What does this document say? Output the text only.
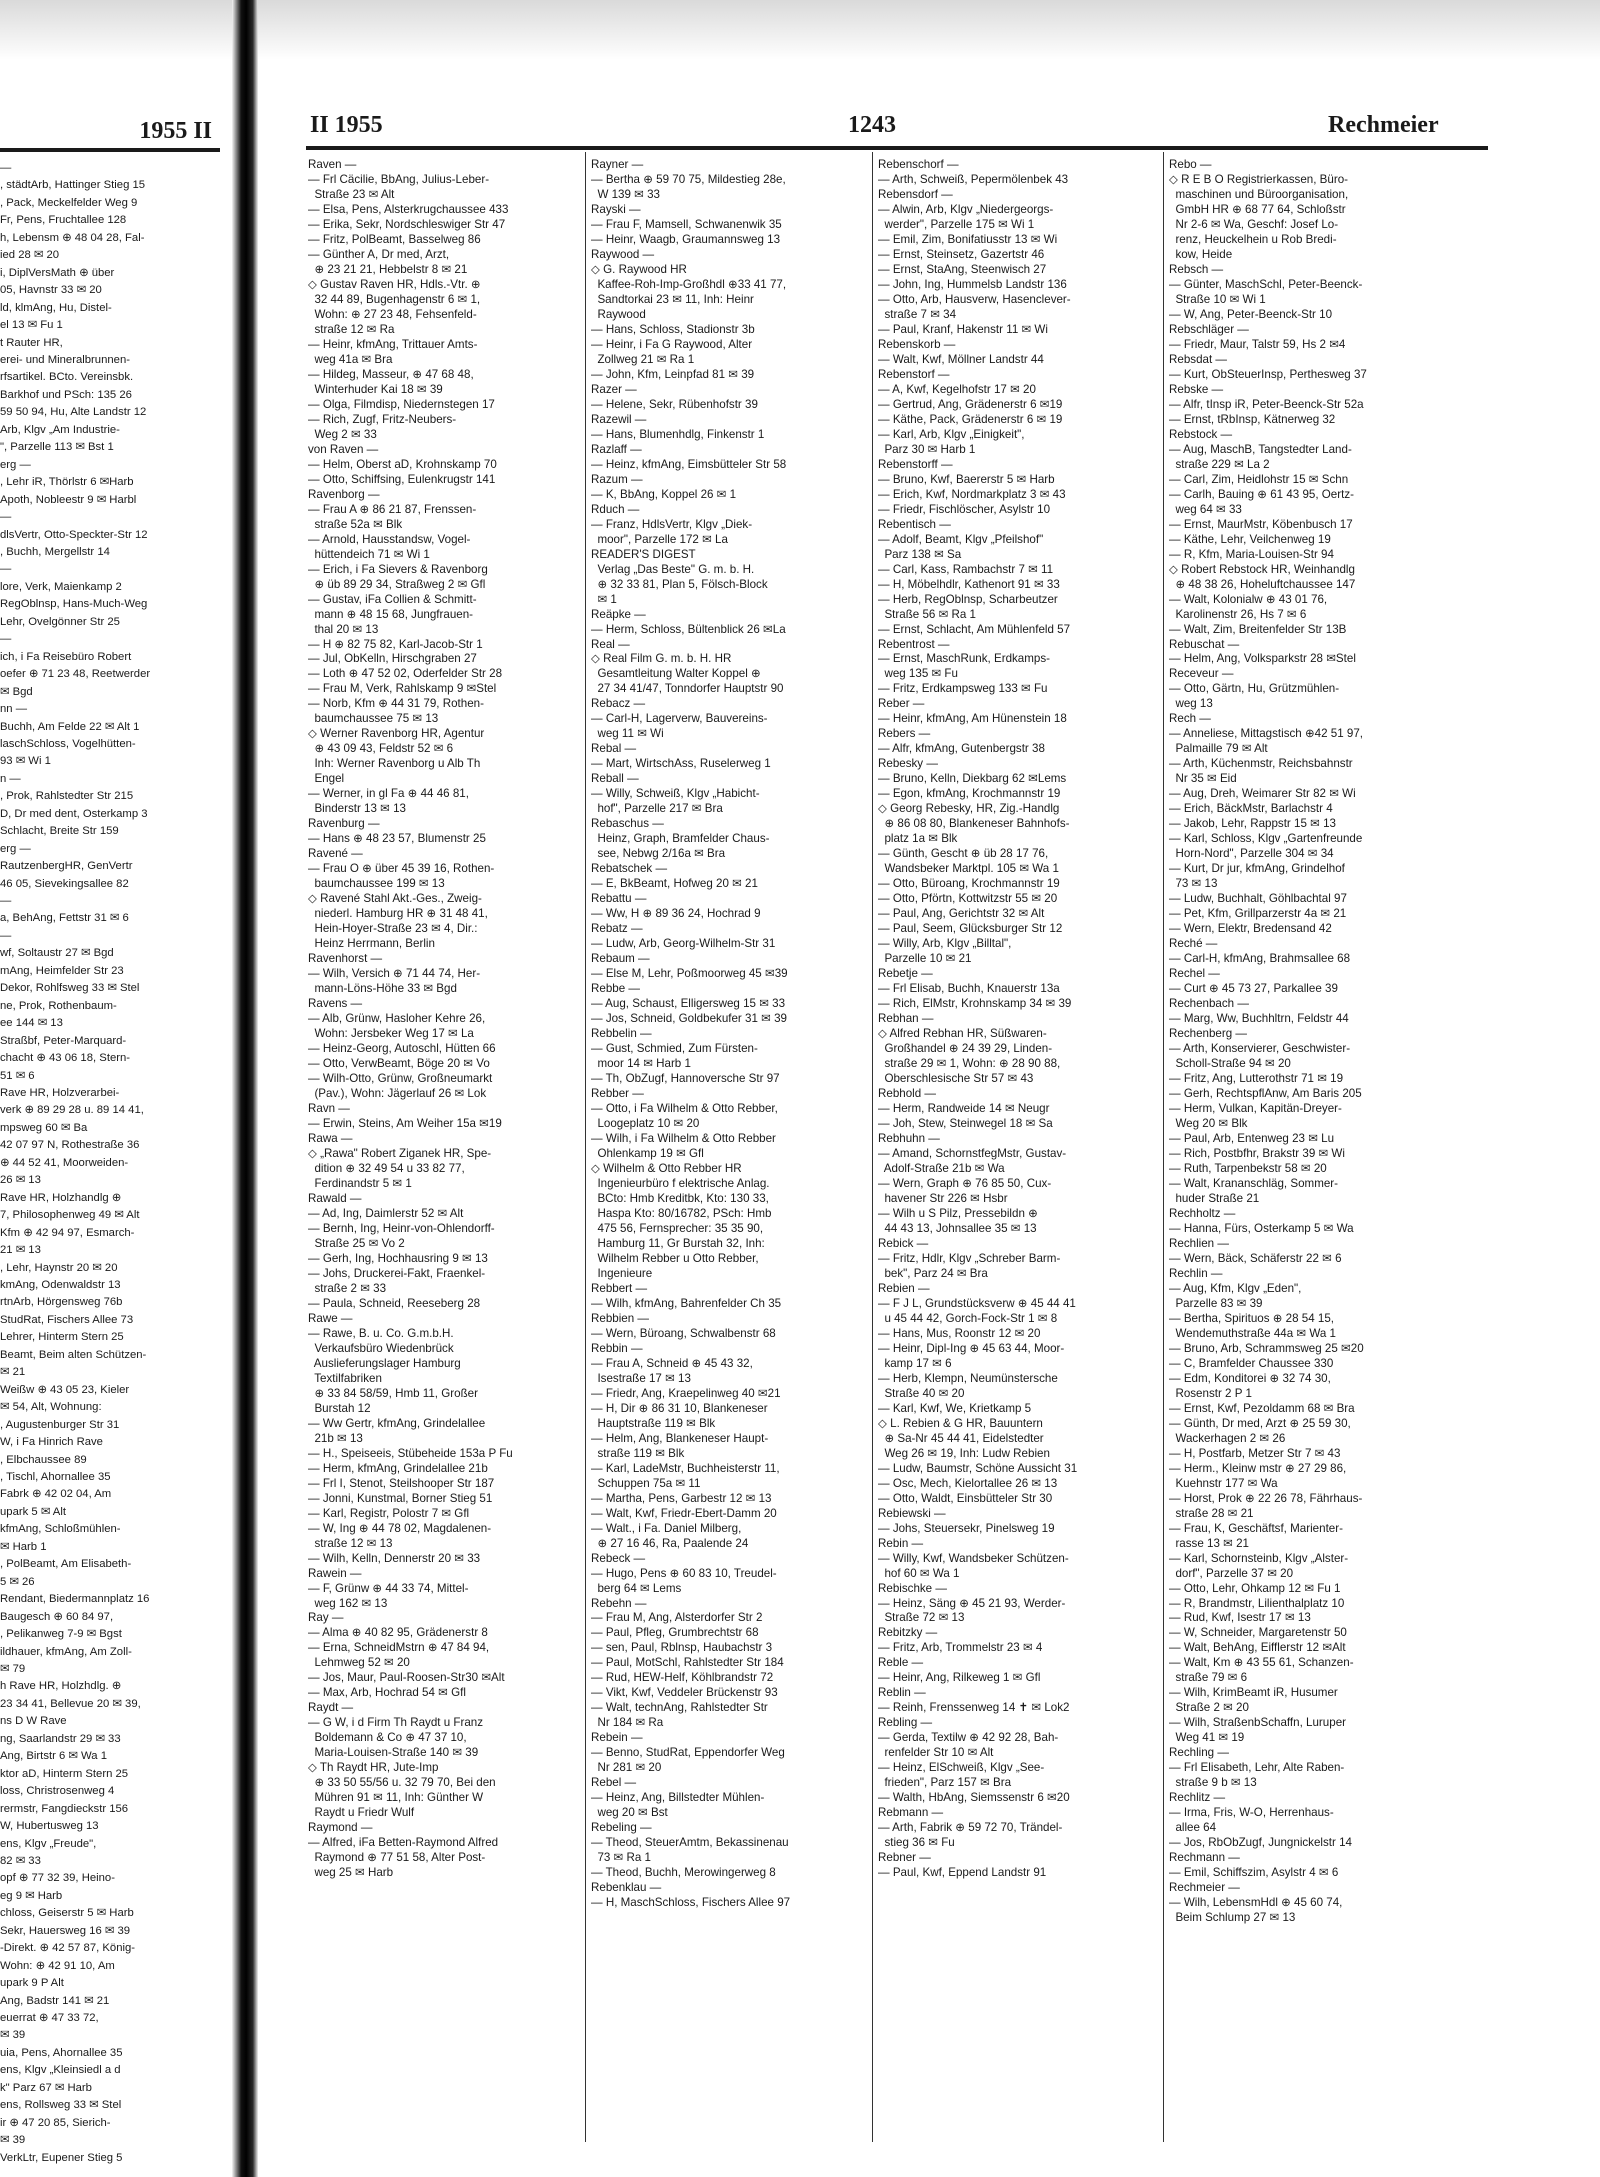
1955 II
—
, städtArb, Hattinger Stieg 15
, Pack, Meckelfelder Weg 9
Fr, Pens, Fruchtallee 128
h, Lebensm ⊕ 48 04 28, Fal-
ied 28 ✉ 20
i, DiplVersMath ⊕ über
05, Havnstr 33 ✉ 20
ld, klmAng, Hu, Distel-
el 13 ✉ Fu 1
t Rauter HR,
erei- und Mineralbrunnen-
rfsartikel. BCto. Vereinsbk.
Barkhof und PSch: 135 26
59 50 94, Hu, Alte Landstr 12
Arb, Klgv „Am Industrie-
", Parzelle 113 ✉ Bst 1
erg —
, Lehr iR, Thörlstr 6 ✉Harb
Apoth, Nobleestr 9 ✉ Harbl
—
dlsVertr, Otto-Speckter-Str 12
, Buchh, Mergellstr 14
—
lore, Verk, Maienkamp 2
RegOblnsp, Hans-Much-Weg
Lehr, Ovelgönner Str 25
—
ich, i Fa Reisebüro Robert
oefer ⊕ 71 23 48, Reetwerder
✉ Bgd
nn —
Buchh, Am Felde 22 ✉ Alt 1
laschSchloss, Vogelhütten-
93 ✉ Wi 1
n —
, Prok, Rahlstedter Str 215
D, Dr med dent, Osterkamp 3
Schlacht, Breite Str 159
erg —
RautzenbergHR, GenVertr
46 05, Sievekingsallee 82
—
a, BehAng, Fettstr 31 ✉ 6
—
wf, Soltaustr 27 ✉ Bgd
mAng, Heimfelder Str 23
Dekor, Rohlfsweg 33 ✉ Stel
ne, Prok, Rothenbaum-
ee 144 ✉ 13
Straßbf, Peter-Marquard-
chacht ⊕ 43 06 18, Stern-
51 ✉ 6
Rave HR, Holzverarbei-
verk ⊕ 89 29 28 u. 89 14 41,
mpsweg 60 ✉ Ba
42 07 97 N, Rothestraße 36
⊕ 44 52 41, Moorweiden-
26 ✉ 13
Rave HR, Holzhandlg ⊕
7, Philosophenweg 49 ✉ Alt
Kfm ⊕ 42 94 97, Esmarch-
21 ✉ 13
, Lehr, Haynstr 20 ✉ 20
kmAng, Odenwaldstr 13
rtnArb, Hörgensweg 76b
StudRat, Fischers Allee 73
Lehrer, Hinterm Stern 25
Beamt, Beim alten Schützen-
✉ 21
Weißw ⊕ 43 05 23, Kieler
✉ 54, Alt, Wohnung:
, Augustenburger Str 31
W, i Fa Hinrich Rave
, Elbchaussee 89
, Tischl, Ahornallee 35
Fabrk ⊕ 42 02 04, Am
upark 5 ✉ Alt
kfmAng, Schloßmühlen-
✉ Harb 1
, PolBeamt, Am Elisabeth-
5 ✉ 26
Rendant, Biedermannplatz 16
Baugesch ⊕ 60 84 97,
, Pelikanweg 7-9 ✉ Bgst
ildhauer, kfmAng, Am Zoll-
✉ 79
h Rave HR, Holzhdlg. ⊕
23 34 41, Bellevue 20 ✉ 39,
ns D W Rave
ng, Saarlandstr 29 ✉ 33
Ang, Birtstr 6 ✉ Wa 1
ktor aD, Hinterm Stern 25
loss, Christrosenweg 4
rermstr, Fangdieckstr 156
W, Hubertusweg 13
ens, Klgv „Freude",
82 ✉ 33
opf ⊕ 77 32 39, Heino-
eg 9 ✉ Harb
chloss, Geiserstr 5 ✉ Harb
Sekr, Hauersweg 16 ✉ 39
-Direkt. ⊕ 42 57 87, König-
Wohn: ⊕ 42 91 10, Am
upark 9 P Alt
Ang, Badstr 141 ✉ 21
euerrat ⊕ 47 33 72,
✉ 39
uia, Pens, Ahornallee 35
ens, Klgv „Kleinsiedl a d
k" Parz 67 ✉ Harb
ens, Rollsweg 33 ✉ Stel
ir ⊕ 47 20 85, Sierich-
✉ 39
VerkLtr, Eupener Stieg 5
II 1955	1243	Rechmeier
Raven —
— Frl Cäcilie, BbAng, Julius-Leber-
Straße 23 ✉ Alt
— Elsa, Pens, Alsterkrugchaussee 433
— Erika, Sekr, Nordschleswiger Str 47
— Fritz, PolBeamt, Basselweg 86
— Günther A, Dr med, Arzt,
⊕ 23 21 21, Hebbelstr 8 ✉ 21
◇ Gustav Raven HR, Hdls.-Vtr. ⊕
32 44 89, Bugenhagenstr 6 ✉ 1,
Wohn: ⊕ 27 23 48, Fehsenfeld-
straße 12 ✉ Ra
— Heinr, kfmAng, Trittauer Amts-
weg 41a ✉ Bra
— Hildeg, Masseur, ⊕ 47 68 48,
Winterhuder Kai 18 ✉ 39
— Olga, Filmdisp, Niedernstegen 17
— Rich, Zugf, Fritz-Neubers-
Weg 2 ✉ 33
von Raven —
— Helm, Oberst aD, Krohnskamp 70
— Otto, Schiffsing, Eulenkrugstr 141
Ravenborg —
— Frau A ⊕ 86 21 87, Frenssen-
straße 52a ✉ Blk
— Arnold, Hausstandsw, Vogel-
hüttendeich 71 ✉ Wi 1
— Erich, i Fa Sievers & Ravenborg
⊕ üb 89 29 34, Straßweg 2 ✉ Gfl
— Gustav, iFa Collien & Schmitt-
mann ⊕ 48 15 68, Jungfrauen-
thal 20 ✉ 13
— H ⊕ 82 75 82, Karl-Jacob-Str 1
— Jul, ObKelln, Hirschgraben 27
— Loth ⊕ 47 52 02, Oderfelder Str 28
— Frau M, Verk, Rahlskamp 9 ✉Stel
— Norb, Kfm ⊕ 44 31 79, Rothen-
baumchaussee 75 ✉ 13
◇ Werner Ravenborg HR, Agentur
⊕ 43 09 43, Feldstr 52 ✉ 6
Inh: Werner Ravenborg u Alb Th
Engel
— Werner, in gl Fa ⊕ 44 46 81,
Binderstr 13 ✉ 13
Ravenburg —
— Hans ⊕ 48 23 57, Blumenstr 25
Ravené —
— Frau O ⊕ über 45 39 16, Rothen-
baumchaussee 199 ✉ 13
◇ Ravené Stahl Akt.-Ges., Zweig-
niederl. Hamburg HR ⊕ 31 48 41,
Hein-Hoyer-Straße 23 ✉ 4, Dir.:
Heinz Herrmann, Berlin
Ravenhorst —
— Wilh, Versich ⊕ 71 44 74, Her-
mann-Löns-Höhe 33 ✉ Bgd
Ravens —
— Alb, Grünw, Hasloher Kehre 26,
Wohn: Jersbeker Weg 17 ✉ La
— Heinz-Georg, Autoschl, Hütten 66
— Otto, VerwBeamt, Böge 20 ✉ Vo
— Wilh-Otto, Grünw, Großneumarkt
(Pav.), Wohn: Jägerlauf 26 ✉ Lok
Ravn —
— Erwin, Steins, Am Weiher 15a ✉19
Rawa —
◇ „Rawa" Robert Ziganek HR, Spe-
dition ⊕ 32 49 54 u 33 82 77,
Ferdinandstr 5 ✉ 1
Rawald —
— Ad, Ing, Daimlerstr 52 ✉ Alt
— Bernh, Ing, Heinr-von-Ohlendorff-
Straße 25 ✉ Vo 2
— Gerh, Ing, Hochhausring 9 ✉ 13
— Johs, Druckerei-Fakt, Fraenkel-
straße 2 ✉ 33
— Paula, Schneid, Reeseberg 28
Rawe —
— Rawe, B. u. Co. G.m.b.H.
Verkaufsbüro Wiedenbrück
Auslieferungslager Hamburg
Textilfabriken
⊕ 33 84 58/59, Hmb 11, Großer
Burstah 12
— Ww Gertr, kfmAng, Grindelallee
21b ✉ 13
— H., Speiseeis, Stübeheide 153a P Fu
— Herm, kfmAng, Grindelallee 21b
— Frl I, Stenot, Steilshooper Str 187
— Jonni, Kunstmal, Borner Stieg 51
— Karl, Registr, Polostr 7 ✉ Gfl
— W, Ing ⊕ 44 78 02, Magdalenen-
straße 12 ✉ 13
— Wilh, Kelln, Dennerstr 20 ✉ 33
Rawein —
— F, Grünw ⊕ 44 33 74, Mittel-
weg 162 ✉ 13
Ray —
— Alma ⊕ 40 82 95, Grädenerstr 8
— Erna, SchneidMstrn ⊕ 47 84 94,
Lehmweg 52 ✉ 20
— Jos, Maur, Paul-Roosen-Str30 ✉Alt
— Max, Arb, Hochrad 54 ✉ Gfl
Raydt —
— G W, i d Firm Th Raydt u Franz
Boldemann & Co ⊕ 47 37 10,
Maria-Louisen-Straße 140 ✉ 39
◇ Th Raydt HR, Jute-Imp
⊕ 33 50 55/56 u. 32 79 70, Bei den
Mühren 91 ✉ 11, Inh: Günther W
Raydt u Friedr Wulf
Raymond —
— Alfred, iFa Betten-Raymond Alfred
Raymond ⊕ 77 51 58, Alter Post-
weg 25 ✉ Harb
Rayner —
— Bertha ⊕ 59 70 75, Mildestieg 28e,
W 139 ✉ 33
Rayski —
— Frau F, Mamsell, Schwanenwik 35
— Heinr, Waagb, Graumannsweg 13
Raywood —
◇ G. Raywood HR
Kaffee-Roh-Imp-Großhdl ⊕33 41 77,
Sandtorkai 23 ✉ 11, Inh: Heinr
Raywood
— Hans, Schloss, Stadionstr 3b
— Heinr, i Fa G Raywood, Alter
Zollweg 21 ✉ Ra 1
— John, Kfm, Leinpfad 81 ✉ 39
Razer —
— Helene, Sekr, Rübenhofstr 39
Razewil —
— Hans, Blumenhdlg, Finkenstr 1
Razlaff —
— Heinz, kfmAng, Eimsbütteler Str 58
Razum —
— K, BbAng, Koppel 26 ✉ 1
Rduch —
— Franz, HdlsVertr, Klgv „Diek-
moor", Parzelle 172 ✉ La
READER'S DIGEST
Verlag „Das Beste" G. m. b. H.
⊕ 32 33 81, Plan 5, Fölsch-Block
✉ 1
Reäpke —
— Herm, Schloss, Bültenblick 26 ✉La
Real —
◇ Real Film G. m. b. H. HR
Gesamtleitung Walter Koppel ⊕
27 34 41/47, Tonndorfer Hauptstr 90
Rebacz —
— Carl-H, Lagerverw, Bauvereins-
weg 11 ✉ Wi
Rebal —
— Mart, WirtschAss, Ruselerweg 1
Reball —
— Willy, Schweiß, Klgv „Habicht-
hof", Parzelle 217 ✉ Bra
Rebaschus —
Heinz, Graph, Bramfelder Chaus-
see, Nebwg 2/16a ✉ Bra
Rebatschek —
— E, BkBeamt, Hofweg 20 ✉ 21
Rebattu —
— Ww, H ⊕ 89 36 24, Hochrad 9
Rebatz —
— Ludw, Arb, Georg-Wilhelm-Str 31
Rebaum —
— Else M, Lehr, Poßmoorweg 45 ✉39
Rebbe —
— Aug, Schaust, Elligersweg 15 ✉ 33
— Jos, Schneid, Goldbekufer 31 ✉ 39
Rebbelin —
— Gust, Schmied, Zum Fürsten-
moor 14 ✉ Harb 1
— Th, ObZugf, Hannoversche Str 97
Rebber —
— Otto, i Fa Wilhelm & Otto Rebber,
Loogeplatz 10 ✉ 20
— Wilh, i Fa Wilhelm & Otto Rebber
Ohlenkamp 19 ✉ Gfl
◇ Wilhelm & Otto Rebber HR
Ingenieurbüro f elektrische Anlag.
BCto: Hmb Kreditbk, Kto: 130 33,
Haspa Kto: 80/16782, PSch: Hmb
475 56, Fernsprecher: 35 35 90,
Hamburg 11, Gr Burstah 32, Inh:
Wilhelm Rebber u Otto Rebber,
Ingenieure
Rebbert —
— Wilh, kfmAng, Bahrenfelder Ch 35
Rebbien —
— Wern, Büroang, Schwalbenstr 68
Rebbin —
— Frau A, Schneid ⊕ 45 43 32,
Isestraße 17 ✉ 13
— Friedr, Ang, Kraepelinweg 40 ✉21
— H, Dir ⊕ 86 31 10, Blankeneser
Hauptstraße 119 ✉ Blk
— Helm, Ang, Blankeneser Haupt-
straße 119 ✉ Blk
— Karl, LadeMstr, Buchheisterstr 11,
Schuppen 75a ✉ 11
— Martha, Pens, Garbestr 12 ✉ 13
— Walt, Kwf, Friedr-Ebert-Damm 20
— Walt., i Fa. Daniel Milberg,
⊕ 27 16 46, Ra, Paalende 24
Rebeck —
— Hugo, Pens ⊕ 60 83 10, Treudel-
berg 64 ✉ Lems
Rebehn —
— Frau M, Ang, Alsterdorfer Str 2
— Paul, Pfleg, Grumbrechtstr 68
— sen, Paul, Rblnsp, Haubachstr 3
— Paul, MotSchl, Rahlstedter Str 184
— Rud, HEW-Helf, Köhlbrandstr 72
— Vikt, Kwf, Veddeler Brückenstr 93
— Walt, technAng, Rahlstedter Str
Nr 184 ✉ Ra
Rebein —
— Benno, StudRat, Eppendorfer Weg
Nr 281 ✉ 20
Rebel —
— Heinz, Ang, Billstedter Mühlen-
weg 20 ✉ Bst
Rebeling —
— Theod, SteuerAmtm, Bekassinenau
73 ✉ Ra 1
— Theod, Buchh, Merowingerweg 8
Rebenklau —
— H, MaschSchloss, Fischers Allee 97
Rebenschorf —
— Arth, Schweiß, Pepermölenbek 43
Rebensdorf —
— Alwin, Arb, Klgv „Niedergeorgs-
werder", Parzelle 175 ✉ Wi 1
— Emil, Zim, Bonifatiusstr 13 ✉ Wi
— Ernst, Steinsetz, Gazertstr 46
— Ernst, StaAng, Steenwisch 27
— John, Ing, Hummelsb Landstr 136
— Otto, Arb, Hausverw, Hasenclever-
straße 7 ✉ 34
— Paul, Kranf, Hakenstr 11 ✉ Wi
Rebenskorb —
— Walt, Kwf, Möllner Landstr 44
Rebenstorf —
— A, Kwf, Kegelhofstr 17 ✉ 20
— Gertrud, Ang, Grädenerstr 6 ✉19
— Käthe, Pack, Grädenerstr 6 ✉ 19
— Karl, Arb, Klgv „Einigkeit",
Parz 30 ✉ Harb 1
Rebenstorff —
— Bruno, Kwf, Baererstr 5 ✉ Harb
— Erich, Kwf, Nordmarkplatz 3 ✉ 43
— Friedr, Fischlöscher, Asylstr 10
Rebentisch —
— Adolf, Beamt, Klgv „Pfeilshof"
Parz 138 ✉ Sa
— Carl, Kass, Rambachstr 7 ✉ 11
— H, Möbelhdlr, Kathenort 91 ✉ 33
— Herb, RegOblnsp, Scharbeutzer
Straße 56 ✉ Ra 1
— Ernst, Schlacht, Am Mühlenfeld 57
Rebentrost —
— Ernst, MaschRunk, Erdkamps-
weg 135 ✉ Fu
— Fritz, Erdkampsweg 133 ✉ Fu
Reber —
— Heinr, kfmAng, Am Hünenstein 18
Rebers —
— Alfr, kfmAng, Gutenbergstr 38
Rebesky —
— Bruno, Kelln, Diekbarg 62 ✉Lems
— Egon, kfmAng, Krochmannstr 19
◇ Georg Rebesky, HR, Zig.-Handlg
⊕ 86 08 80, Blankeneser Bahnhofs-
platz 1a ✉ Blk
— Günth, Gescht ⊕ üb 28 17 76,
Wandsbeker Marktpl. 105 ✉ Wa 1
— Otto, Büroang, Krochmannstr 19
— Otto, Pförtn, Kottwitzstr 55 ✉ 20
— Paul, Ang, Gerichtstr 32 ✉ Alt
— Paul, Seem, Glücksburger Str 12
— Willy, Arb, Klgv „Billtal",
Parzelle 10 ✉ 21
Rebetje —
— Frl Elisab, Buchh, Knauerstr 13a
— Rich, ElMstr, Krohnskamp 34 ✉ 39
Rebhan —
◇ Alfred Rebhan HR, Süßwaren-
Großhandel ⊕ 24 39 29, Linden-
straße 29 ✉ 1, Wohn: ⊕ 28 90 88,
Oberschlesische Str 57 ✉ 43
Rebhold —
— Herm, Randweide 14 ✉ Neugr
— Joh, Stew, Steinwegel 18 ✉ Sa
Rebhuhn —
— Amand, SchornstfegMstr, Gustav-
Adolf-Straße 21b ✉ Wa
— Wern, Graph ⊕ 76 85 50, Cux-
havener Str 226 ✉ Hsbr
— Wilh u S Pilz, Pressebildn ⊕
44 43 13, Johnsallee 35 ✉ 13
Rebick —
— Fritz, Hdlr, Klgv „Schreber Barm-
bek", Parz 24 ✉ Bra
Rebien —
— F J L, Grundstücksverw ⊕ 45 44 41
u 45 44 42, Gorch-Fock-Str 1 ✉ 8
— Hans, Mus, Roonstr 12 ✉ 20
— Heinr, Dipl-Ing ⊕ 45 63 44, Moor-
kamp 17 ✉ 6
— Herb, Klempn, Neumünstersche
Straße 40 ✉ 20
— Karl, Kwf, We, Krietkamp 5
◇ L. Rebien & G HR, Bauuntern
⊕ Sa-Nr 45 44 41, Eidelstedter
Weg 26 ✉ 19, Inh: Ludw Rebien
— Ludw, Baumstr, Schöne Aussicht 31
— Osc, Mech, Kielortallee 26 ✉ 13
— Otto, Waldt, Einsbütteler Str 30
Rebiewski —
— Johs, Steuersekr, Pinelsweg 19
Rebin —
— Willy, Kwf, Wandsbeker Schützen-
hof 60 ✉ Wa 1
Rebischke —
— Heinz, Säng ⊕ 45 21 93, Werder-
Straße 72 ✉ 13
Rebitzky —
— Fritz, Arb, Trommelstr 23 ✉ 4
Reble —
— Heinr, Ang, Rilkeweg 1 ✉ Gfl
Reblin —
— Reinh, Frenssenweg 14 ✝ ✉ Lok2
Rebling —
— Gerda, Textilw ⊕ 42 92 28, Bah-
renfelder Str 10 ✉ Alt
— Heinz, ElSchweiß, Klgv „See-
frieden", Parz 157 ✉ Bra
— Walth, HbAng, Siemssenstr 6 ✉20
Rebmann —
— Arth, Fabrik ⊕ 59 72 70, Trändel-
stieg 36 ✉ Fu
Rebner —
— Paul, Kwf, Eppend Landstr 91
Rebo —
◇ R E B O Registrierkassen, Büro-
maschinen und Büroorganisation,
GmbH HR ⊕ 68 77 64, Schloßstr
Nr 2-6 ✉ Wa, Geschf: Josef Lo-
renz, Heuckelhein u Rob Bredi-
kow, Heide
Rebsch —
— Günter, MaschSchl, Peter-Beenck-
Straße 10 ✉ Wi 1
— W, Ang, Peter-Beenck-Str 10
Rebschläger —
— Friedr, Maur, Talstr 59, Hs 2 ✉4
Rebsdat —
— Kurt, ObSteuerInsp, Perthesweg 37
Rebske —
— Alfr, tInsp iR, Peter-Beenck-Str 52a
— Ernst, tRbInsp, Kätnerweg 32
Rebstock —
— Aug, MaschB, Tangstedter Land-
straße 229 ✉ La 2
— Carl, Zim, Heidlohstr 15 ✉ Schn
— Carlh, Bauing ⊕ 61 43 95, Oertz-
weg 64 ✉ 33
— Ernst, MaurMstr, Köbenbusch 17
— Käthe, Lehr, Veilchenweg 19
— R, Kfm, Maria-Louisen-Str 94
◇ Robert Rebstock HR, Weinhandlg
⊕ 48 38 26, Hoheluftchaussee 147
— Walt, Kolonialw ⊕ 43 01 76,
Karolinenstr 26, Hs 7 ✉ 6
— Walt, Zim, Breitenfelder Str 13B
Rebuschat —
— Helm, Ang, Volksparkstr 28 ✉Stel
Receveur —
— Otto, Gärtn, Hu, Grützmühlen-
weg 13
Rech —
— Anneliese, Mittagstisch ⊕42 51 97,
Palmaille 79 ✉ Alt
— Arth, Küchenmstr, Reichsbahnstr
Nr 35 ✉ Eid
— Aug, Dreh, Weimarer Str 82 ✉ Wi
— Erich, BäckMstr, Barlachstr 4
— Jakob, Lehr, Rappstr 15 ✉ 13
— Karl, Schloss, Klgv „Gartenfreunde
Horn-Nord", Parzelle 304 ✉ 34
— Kurt, Dr jur, kfmAng, Grindelhof
73 ✉ 13
— Ludw, Buchhalt, Göhlbachtal 97
— Pet, Kfm, Grillparzerstr 4a ✉ 21
— Wern, Elektr, Bredensand 42
Reché —
— Carl-H, kfmAng, Brahmsallee 68
Rechel —
— Curt ⊕ 45 73 27, Parkallee 39
Rechenbach —
— Marg, Ww, Buchhltrn, Feldstr 44
Rechenberg —
— Arth, Konservierer, Geschwister-
Scholl-Straße 94 ✉ 20
— Fritz, Ang, Lutterothstr 71 ✉ 19
— Gerh, RechtspflAnw, Am Baris 205
— Herm, Vulkan, Kapitän-Dreyer-
Weg 20 ✉ Blk
— Paul, Arb, Entenweg 23 ✉ Lu
— Rich, Postbfhr, Brakstr 39 ✉ Wi
— Ruth, Tarpenbekstr 58 ✉ 20
— Walt, Krananschläg, Sommer-
huder Straße 21
Rechholtz —
— Hanna, Fürs, Osterkamp 5 ✉ Wa
Rechlien —
— Wern, Bäck, Schäferstr 22 ✉ 6
Rechlin —
— Aug, Kfm, Klgv „Eden",
Parzelle 83 ✉ 39
— Bertha, Spirituos ⊕ 28 54 15,
Wendemuthstraße 44a ✉ Wa 1
— Bruno, Arb, Schrammsweg 25 ✉20
— C, Bramfelder Chaussee 330
— Edm, Konditorei ⊕ 32 74 30,
Rosenstr 2 P 1
— Ernst, Kwf, Pezoldamm 68 ✉ Bra
— Günth, Dr med, Arzt ⊕ 25 59 30,
Wackerhagen 2 ✉ 26
— H, Postfarb, Metzer Str 7 ✉ 43
— Herm., Kleinw mstr ⊕ 27 29 86,
Kuehnstr 177 ✉ Wa
— Horst, Prok ⊕ 22 26 78, Fährhaus-
straße 28 ✉ 21
— Frau, K, Geschäftsf, Marienter-
rasse 13 ✉ 21
— Karl, Schornsteinb, Klgv „Alster-
dorf", Parzelle 37 ✉ 20
— Otto, Lehr, Ohkamp 12 ✉ Fu 1
— R, Brandmstr, Lilienthalplatz 10
— Rud, Kwf, Isestr 17 ✉ 13
— W, Schneider, Margaretenstr 50
— Walt, BehAng, Eifflerstr 12 ✉Alt
— Walt, Km ⊕ 43 55 61, Schanzen-
straße 79 ✉ 6
— Wilh, KrimBeamt iR, Husumer
Straße 2 ✉ 20
— Wilh, StraßenbSchaffn, Luruper
Weg 41 ✉ 19
Rechling —
— Frl Elisabeth, Lehr, Alte Raben-
straße 9 b ✉ 13
Rechlitz —
— Irma, Fris, W-O, Herrenhaus-
allee 64
— Jos, RbObZugf, Jungnickelstr 14
Rechmann —
— Emil, Schiffszim, Asylstr 4 ✉ 6
Rechmeier —
— Wilh, LebensmHdl ⊕ 45 60 74,
Beim Schlump 27 ✉ 13
